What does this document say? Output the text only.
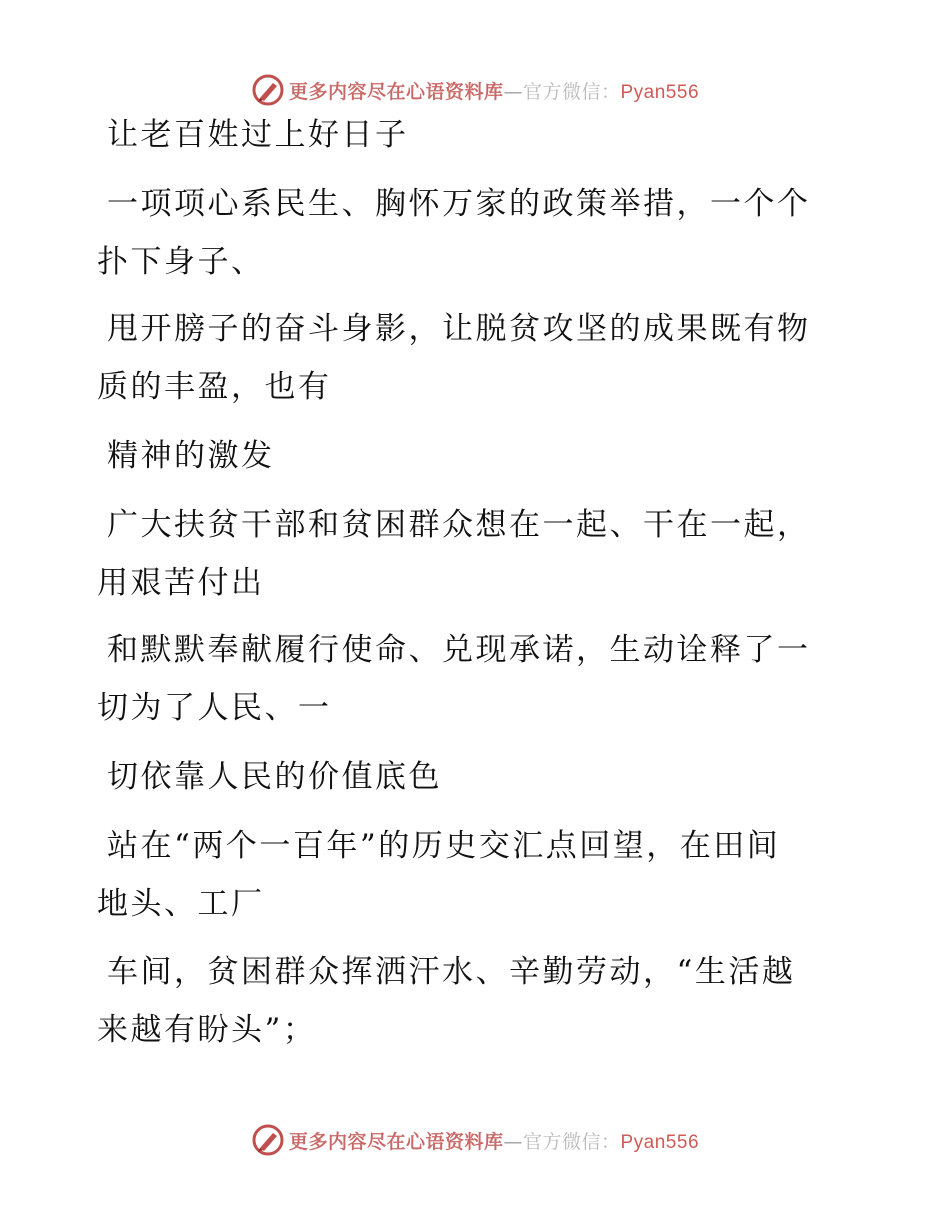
更多内容尽在心语资料库—官方微信：Pyan556

让老百姓过上好日子

一项项心系民生、胸怀万家的政策举措，一个个

扑下身子、

甩开膀子的奋斗身影，让脱贫攻坚的成果既有物

质的丰盈，也有

精神的激发

广大扶贫干部和贫困群众想在一起、干在一起，

用艰苦付出

和默默奉献履行使命、兑现承诺，生动诠释了一

切为了人民、一

切依靠人民的价值底色

站在“两个一百年”的历史交汇点回望，在田间

地头、工厂

车间，贫困群众挥洒汗水、辛勤劳动，“生活越

来越有盼头”；

更多内容尽在心语资料库—官方微信：Pyan556
